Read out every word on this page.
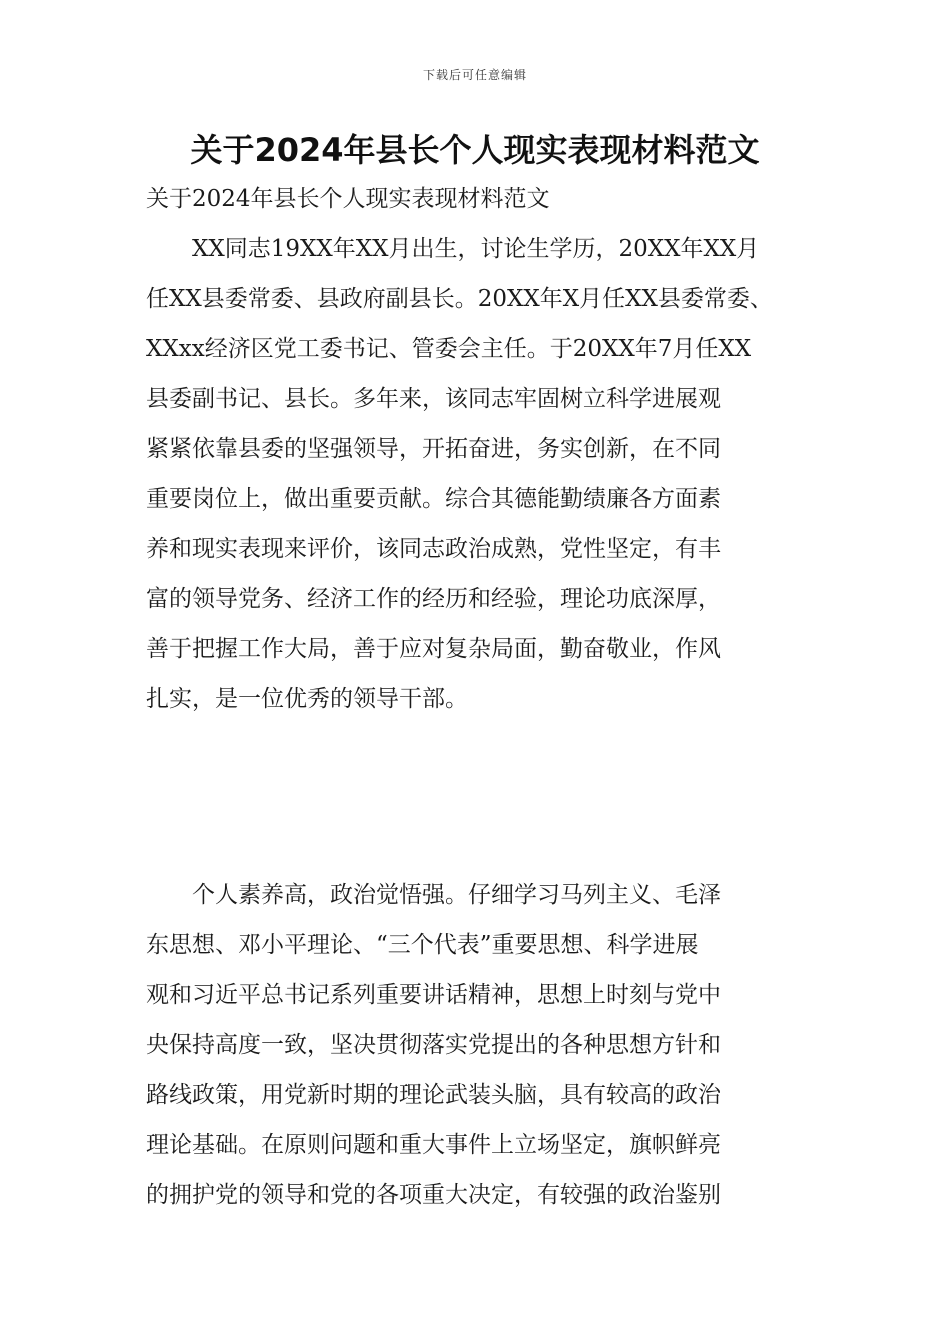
下载后可任意编辑
关于2024年县长个人现实表现材料范文
关于2024年县长个人现实表现材料范文

　　XX同志19XX年XX月出生，讨论生学历，20XX年XX月
任XX县委常委、县政府副县长。20XX年X月任XX县委常委、
XXxx经济区党工委书记、管委会主任。于20XX年7月任XX
县委副书记、县长。多年来，该同志牢固树立科学进展观
紧紧依靠县委的坚强领导，开拓奋进，务实创新，在不同
重要岗位上，做出重要贡献。综合其德能勤绩廉各方面素
养和现实表现来评价，该同志政治成熟，党性坚定，有丰
富的领导党务、经济工作的经历和经验，理论功底深厚，
善于把握工作大局，善于应对复杂局面，勤奋敬业，作风
扎实，是一位优秀的领导干部。

　　个人素养高，政治觉悟强。仔细学习马列主义、毛泽
东思想、邓小平理论、“三个代表”重要思想、科学进展
观和习近平总书记系列重要讲话精神，思想上时刻与党中
央保持高度一致，坚决贯彻落实党提出的各种思想方针和
路线政策，用党新时期的理论武装头脑，具有较高的政治
理论基础。在原则问题和重大事件上立场坚定，旗帜鲜亮
的拥护党的领导和党的各项重大决定，有较强的政治鉴别
